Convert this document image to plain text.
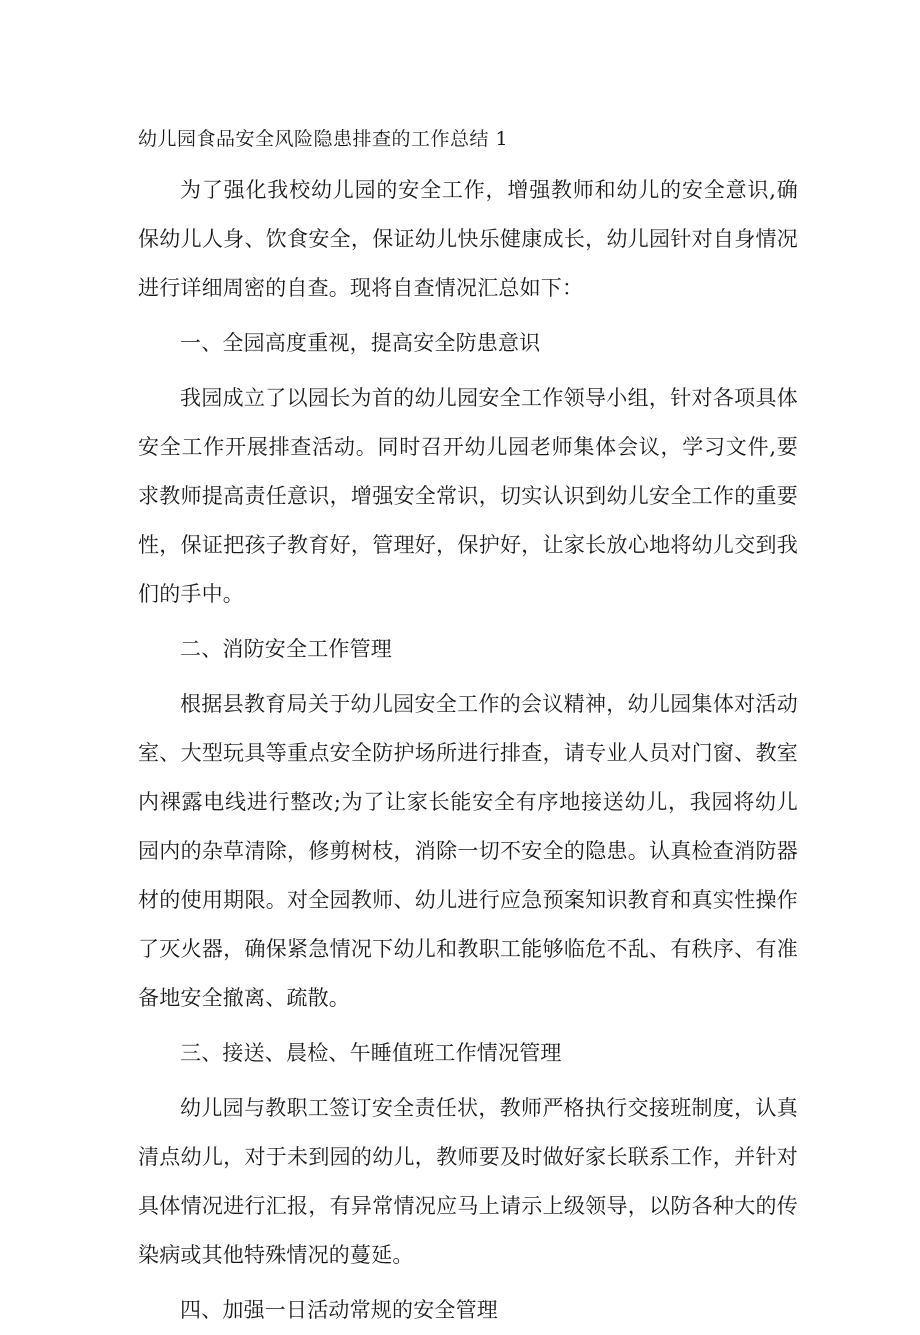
幼儿园食品安全风险隐患排查的工作总结 1

为了强化我校幼儿园的安全工作，增强教师和幼儿的安全意识,确保幼儿人身、饮食安全，保证幼儿快乐健康成长，幼儿园针对自身情况进行详细周密的自查。现将自查情况汇总如下：

一、全园高度重视，提高安全防患意识

我园成立了以园长为首的幼儿园安全工作领导小组，针对各项具体安全工作开展排查活动。同时召开幼儿园老师集体会议，学习文件,要求教师提高责任意识，增强安全常识，切实认识到幼儿安全工作的重要性，保证把孩子教育好，管理好，保护好，让家长放心地将幼儿交到我们的手中。

二、消防安全工作管理

根据县教育局关于幼儿园安全工作的会议精神，幼儿园集体对活动室、大型玩具等重点安全防护场所进行排查，请专业人员对门窗、教室内裸露电线进行整改;为了让家长能安全有序地接送幼儿，我园将幼儿园内的杂草清除，修剪树枝，消除一切不安全的隐患。认真检查消防器材的使用期限。对全园教师、幼儿进行应急预案知识教育和真实性操作了灭火器，确保紧急情况下幼儿和教职工能够临危不乱、有秩序、有准备地安全撤离、疏散。

三、接送、晨检、午睡值班工作情况管理

幼儿园与教职工签订安全责任状，教师严格执行交接班制度，认真清点幼儿，对于未到园的幼儿，教师要及时做好家长联系工作，并针对具体情况进行汇报，有异常情况应马上请示上级领导，以防各种大的传染病或其他特殊情况的蔓延。

四、加强一日活动常规的安全管理
